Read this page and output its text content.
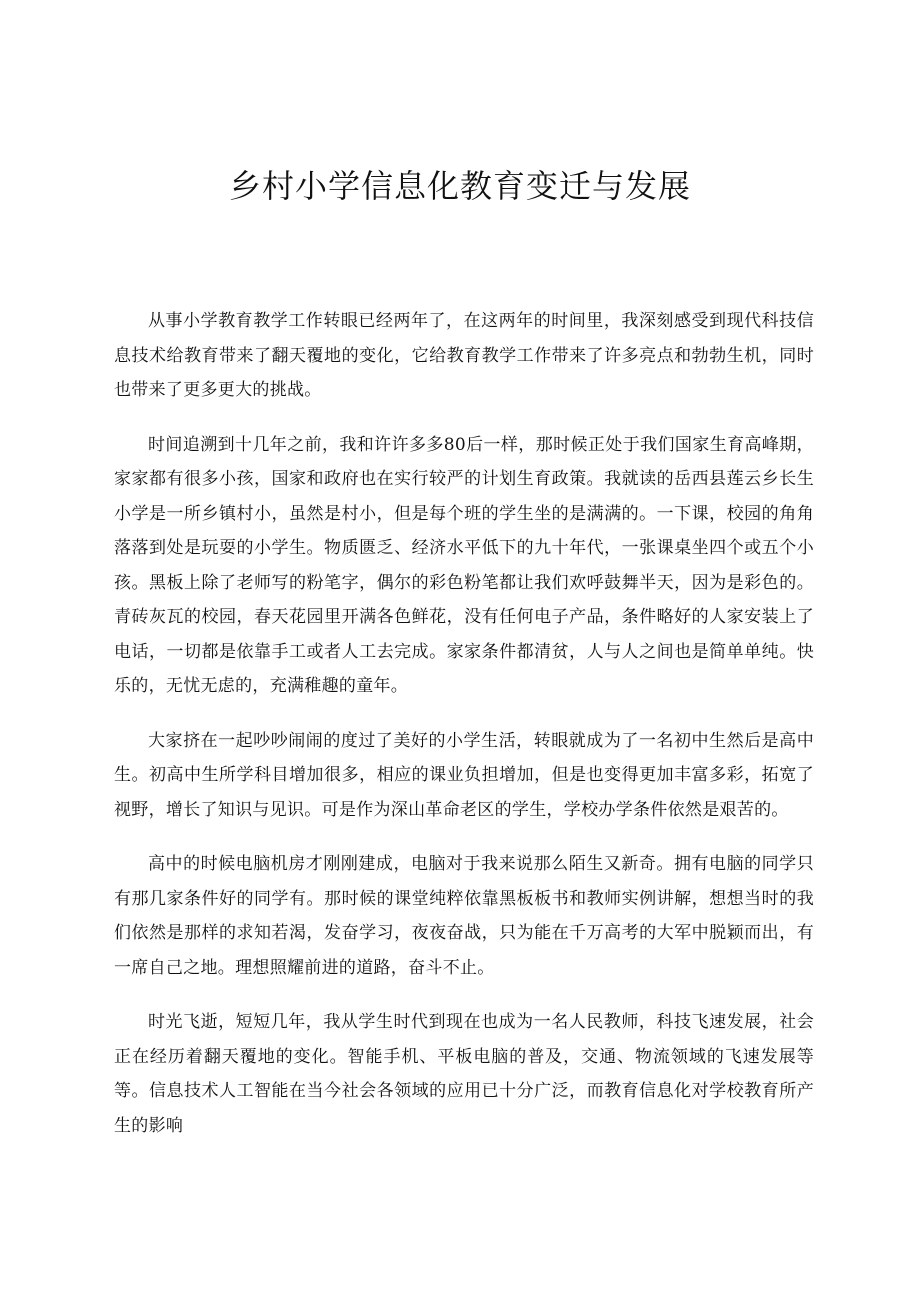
乡村小学信息化教育变迁与发展

从事小学教育教学工作转眼已经两年了，在这两年的时间里，我深刻感受到现代科技信息技术给教育带来了翻天覆地的变化，它给教育教学工作带来了许多亮点和勃勃生机，同时也带来了更多更大的挑战。

时间追溯到十几年之前，我和许许多多80后一样，那时候正处于我们国家生育高峰期，家家都有很多小孩，国家和政府也在实行较严的计划生育政策。我就读的岳西县莲云乡长生小学是一所乡镇村小，虽然是村小，但是每个班的学生坐的是满满的。一下课，校园的角角落落到处是玩耍的小学生。物质匮乏、经济水平低下的九十年代，一张课桌坐四个或五个小孩。黑板上除了老师写的粉笔字，偶尔的彩色粉笔都让我们欢呼鼓舞半天，因为是彩色的。青砖灰瓦的校园，春天花园里开满各色鲜花，没有任何电子产品，条件略好的人家安装上了电话，一切都是依靠手工或者人工去完成。家家条件都清贫，人与人之间也是简单单纯。快乐的，无忧无虑的，充满稚趣的童年。

大家挤在一起吵吵闹闹的度过了美好的小学生活，转眼就成为了一名初中生然后是高中生。初高中生所学科目增加很多，相应的课业负担增加，但是也变得更加丰富多彩，拓宽了视野，增长了知识与见识。可是作为深山革命老区的学生，学校办学条件依然是艰苦的。

高中的时候电脑机房才刚刚建成，电脑对于我来说那么陌生又新奇。拥有电脑的同学只有那几家条件好的同学有。那时候的课堂纯粹依靠黑板板书和教师实例讲解，想想当时的我们依然是那样的求知若渴，发奋学习，夜夜奋战，只为能在千万高考的大军中脱颖而出，有一席自己之地。理想照耀前进的道路，奋斗不止。

时光飞逝，短短几年，我从学生时代到现在也成为一名人民教师，科技飞速发展，社会正在经历着翻天覆地的变化。智能手机、平板电脑的普及，交通、物流领域的飞速发展等等。信息技术人工智能在当今社会各领域的应用已十分广泛，而教育信息化对学校教育所产生的影响
